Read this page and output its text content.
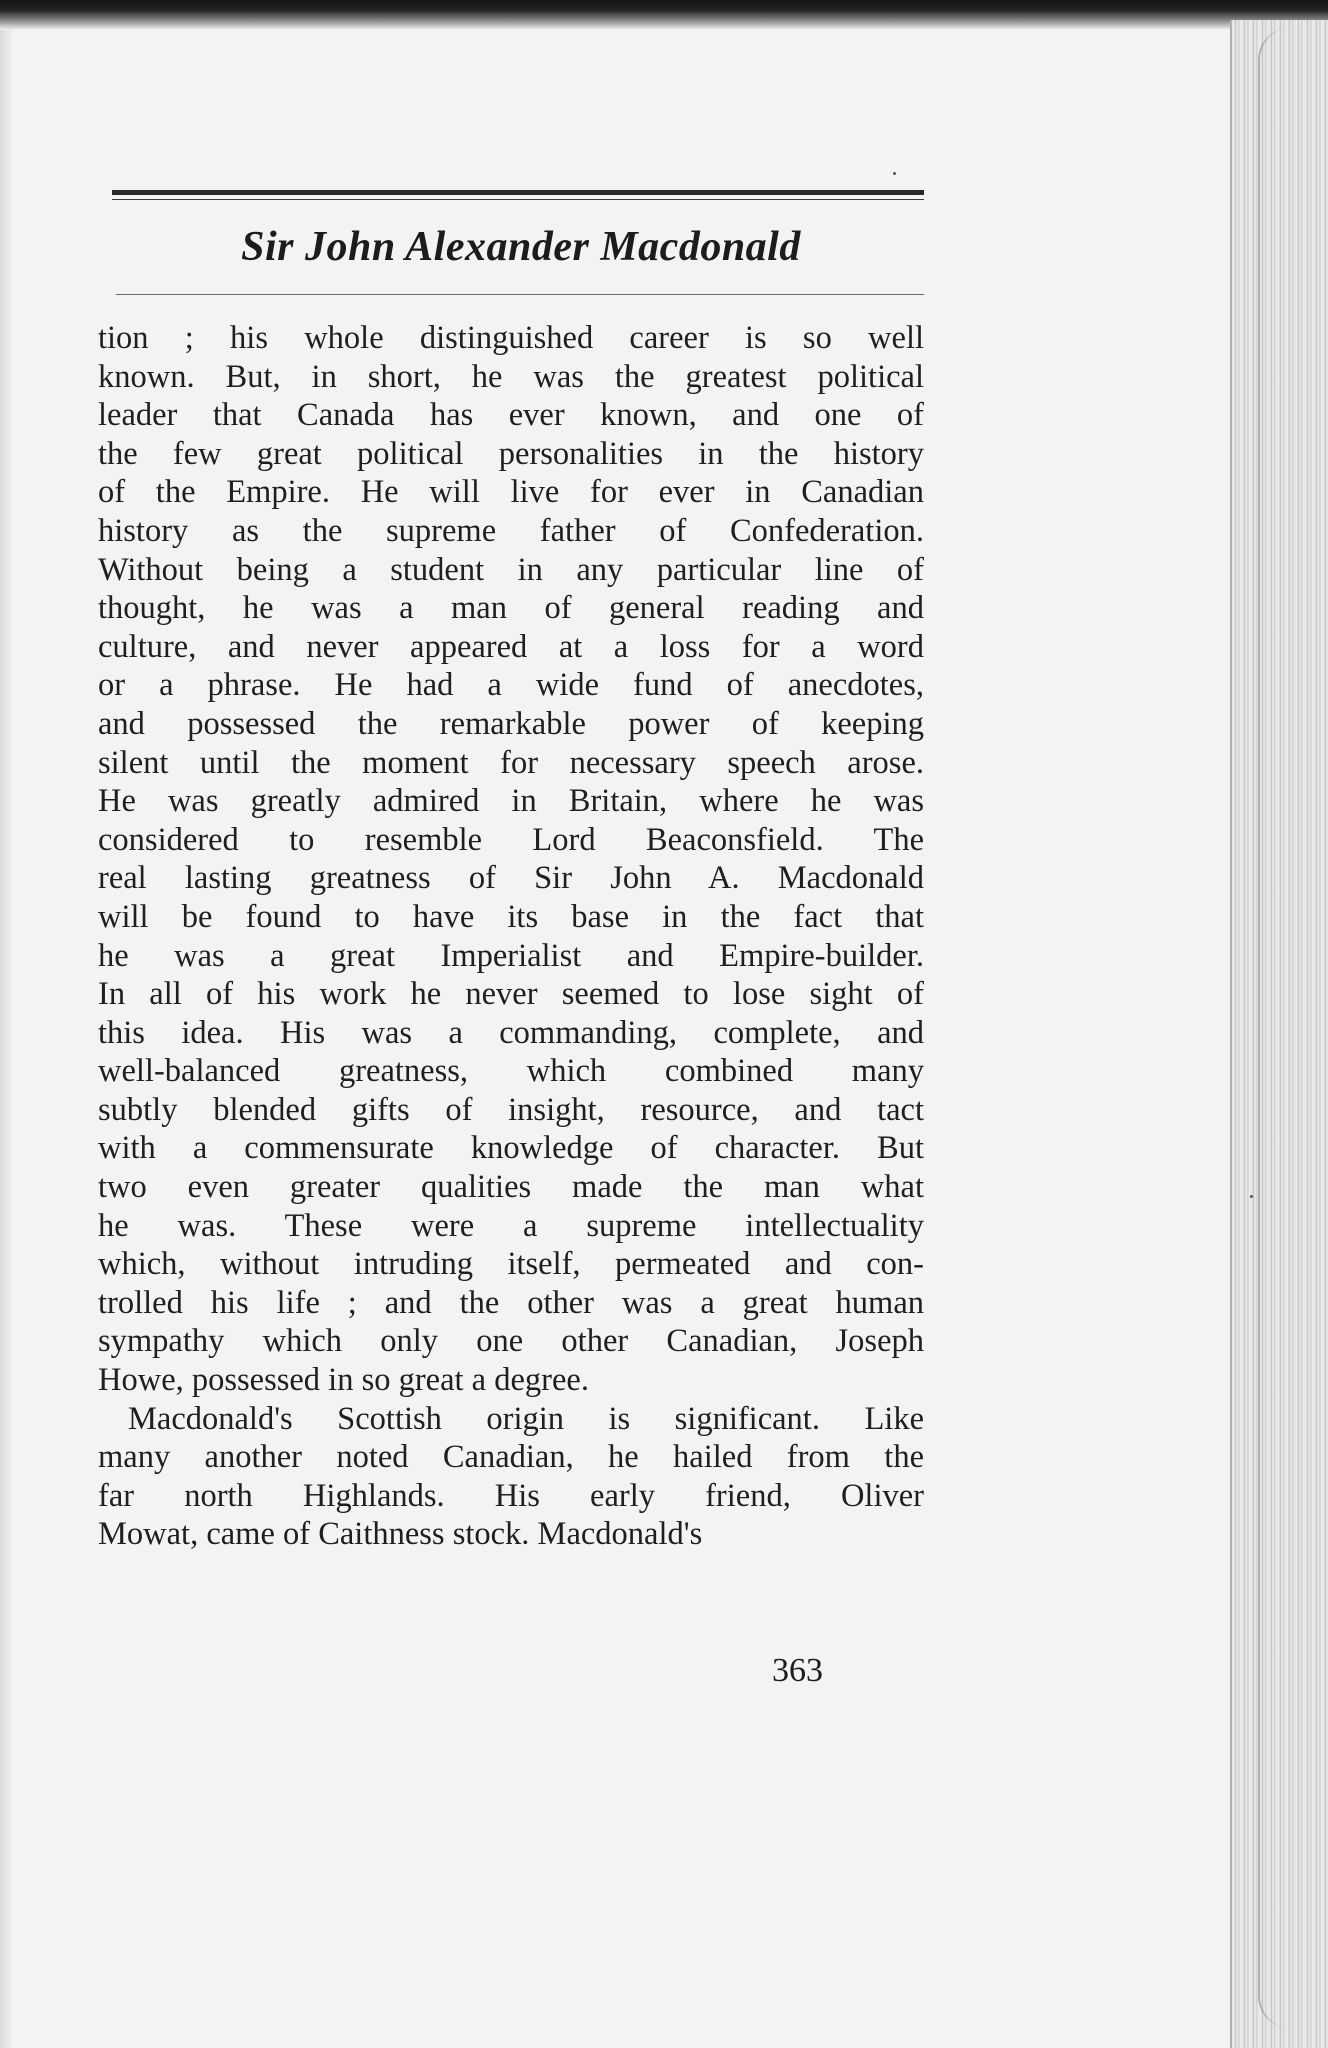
Sir John Alexander Macdonald
tion ; his whole distinguished career is so well
known. But, in short, he was the greatest political
leader that Canada has ever known, and one of
the few great political personalities in the history
of the Empire. He will live for ever in Canadian
history as the supreme father of Confederation.
Without being a student in any particular line of
thought, he was a man of general reading and
culture, and never appeared at a loss for a word
or a phrase. He had a wide fund of anecdotes,
and possessed the remarkable power of keeping
silent until the moment for necessary speech arose.
He was greatly admired in Britain, where he was
considered to resemble Lord Beaconsfield. The
real lasting greatness of Sir John A. Macdonald
will be found to have its base in the fact that
he was a great Imperialist and Empire-builder.
In all of his work he never seemed to lose sight of
this idea. His was a commanding, complete, and
well-balanced greatness, which combined many
subtly blended gifts of insight, resource, and tact
with a commensurate knowledge of character. But
two even greater qualities made the man what
he was. These were a supreme intellectuality
which, without intruding itself, permeated and con-
trolled his life ; and the other was a great human
sympathy which only one other Canadian, Joseph
Howe, possessed in so great a degree.
Macdonald's Scottish origin is significant. Like
many another noted Canadian, he hailed from the
far north Highlands. His early friend, Oliver
Mowat, came of Caithness stock. Macdonald's
363
